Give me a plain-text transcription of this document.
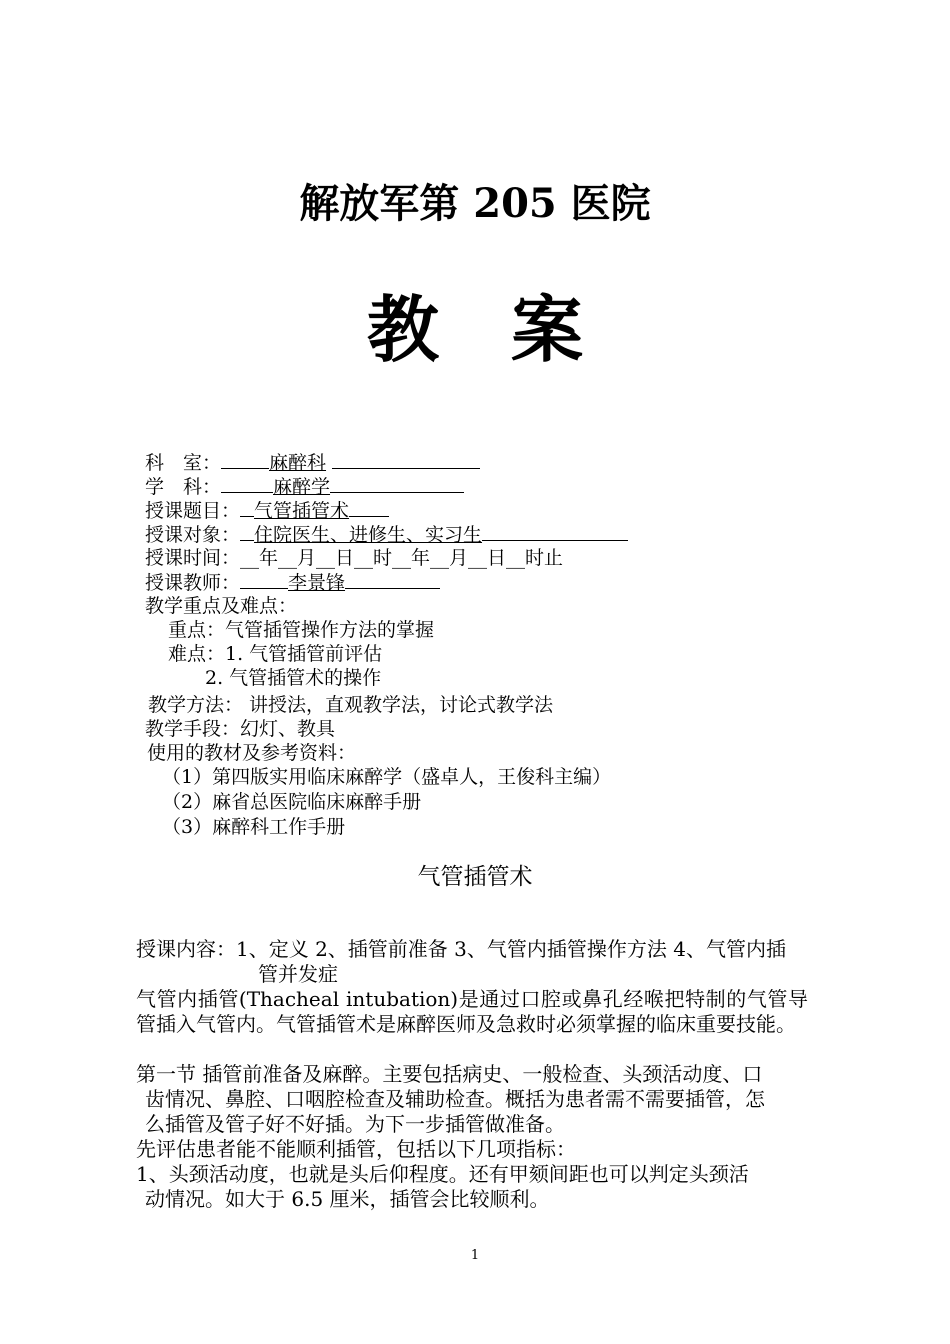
解放军第 205 医院
教 案
科　室：	麻醉科
学　科：	麻醉学
授课题目： 气管插管术
授课对象： 住院医生、进修生、实习生
授课时间：__年__月__日__时__年__月__日__时止
授课教师：	李景锋
教学重点及难点：
重点：气管插管操作方法的掌握
难点：1. 气管插管前评估
2. 气管插管术的操作
教学方法： 讲授法，直观教学法，讨论式教学法
教学手段：幻灯、教具
使用的教材及参考资料：
（1）第四版实用临床麻醉学（盛卓人，王俊科主编）
（2）麻省总医院临床麻醉手册
（3）麻醉科工作手册
气管插管术
授课内容：1、定义 2、插管前准备 3、气管内插管操作方法 4、气管内插
管并发症
气管内插管(Thacheal intubation)是通过口腔或鼻孔经喉把特制的气管导管插入气管内。气管插管术是麻醉医师及急救时必须掌握的临床重要技能。
第一节 插管前准备及麻醉。主要包括病史、一般检查、头颈活动度、口
齿情况、鼻腔、口咽腔检查及辅助检查。概括为患者需不需要插管，怎
么插管及管子好不好插。为下一步插管做准备。
先评估患者能不能顺利插管，包括以下几项指标：
1、头颈活动度，也就是头后仰程度。还有甲颏间距也可以判定头颈活
动情况。如大于 6.5 厘米，插管会比较顺利。
1
